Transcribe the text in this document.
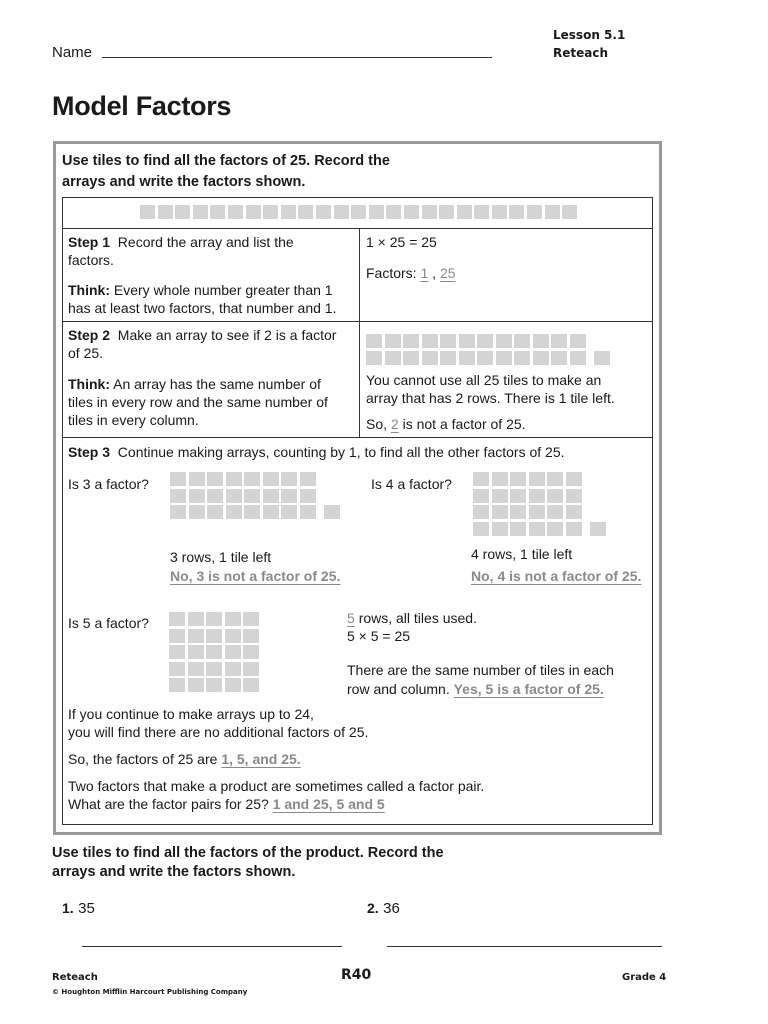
Lesson 5.1
Reteach
Name
Model Factors
Use tiles to find all the factors of 25. Record the
arrays and write the factors shown.
Step 1 Record the array and list the
factors.
Think: Every whole number greater than 1
has at least two factors, that number and 1.
1 × 25 = 25
Factors: 1 , 25
Step 2 Make an array to see if 2 is a factor
of 25.
Think: An array has the same number of
tiles in every row and the same number of
tiles in every column.
You cannot use all 25 tiles to make an
array that has 2 rows. There is 1 tile left.
So, 2 is not a factor of 25.
Step 3 Continue making arrays, counting by 1, to find all the other factors of 25.
Is 3 a factor?
3 rows, 1 tile left
No, 3 is not a factor of 25.
Is 4 a factor?
4 rows, 1 tile left
No, 4 is not a factor of 25.
Is 5 a factor?	5 rows, all tiles used.
5 × 5 = 25
There are the same number of tiles in each
row and column. Yes, 5 is a factor of 25.
If you continue to make arrays up to 24,
you will find there are no additional factors of 25.
So, the factors of 25 are 1, 5, and 25.
Two factors that make a product are sometimes called a factor pair.
What are the factor pairs for 25? 1 and 25, 5 and 5
Use tiles to find all the factors of the product. Record the
arrays and write the factors shown.
1. 35	2. 36
Reteach
© Houghton Mifflin Harcourt Publishing Company
R40	Grade 4
